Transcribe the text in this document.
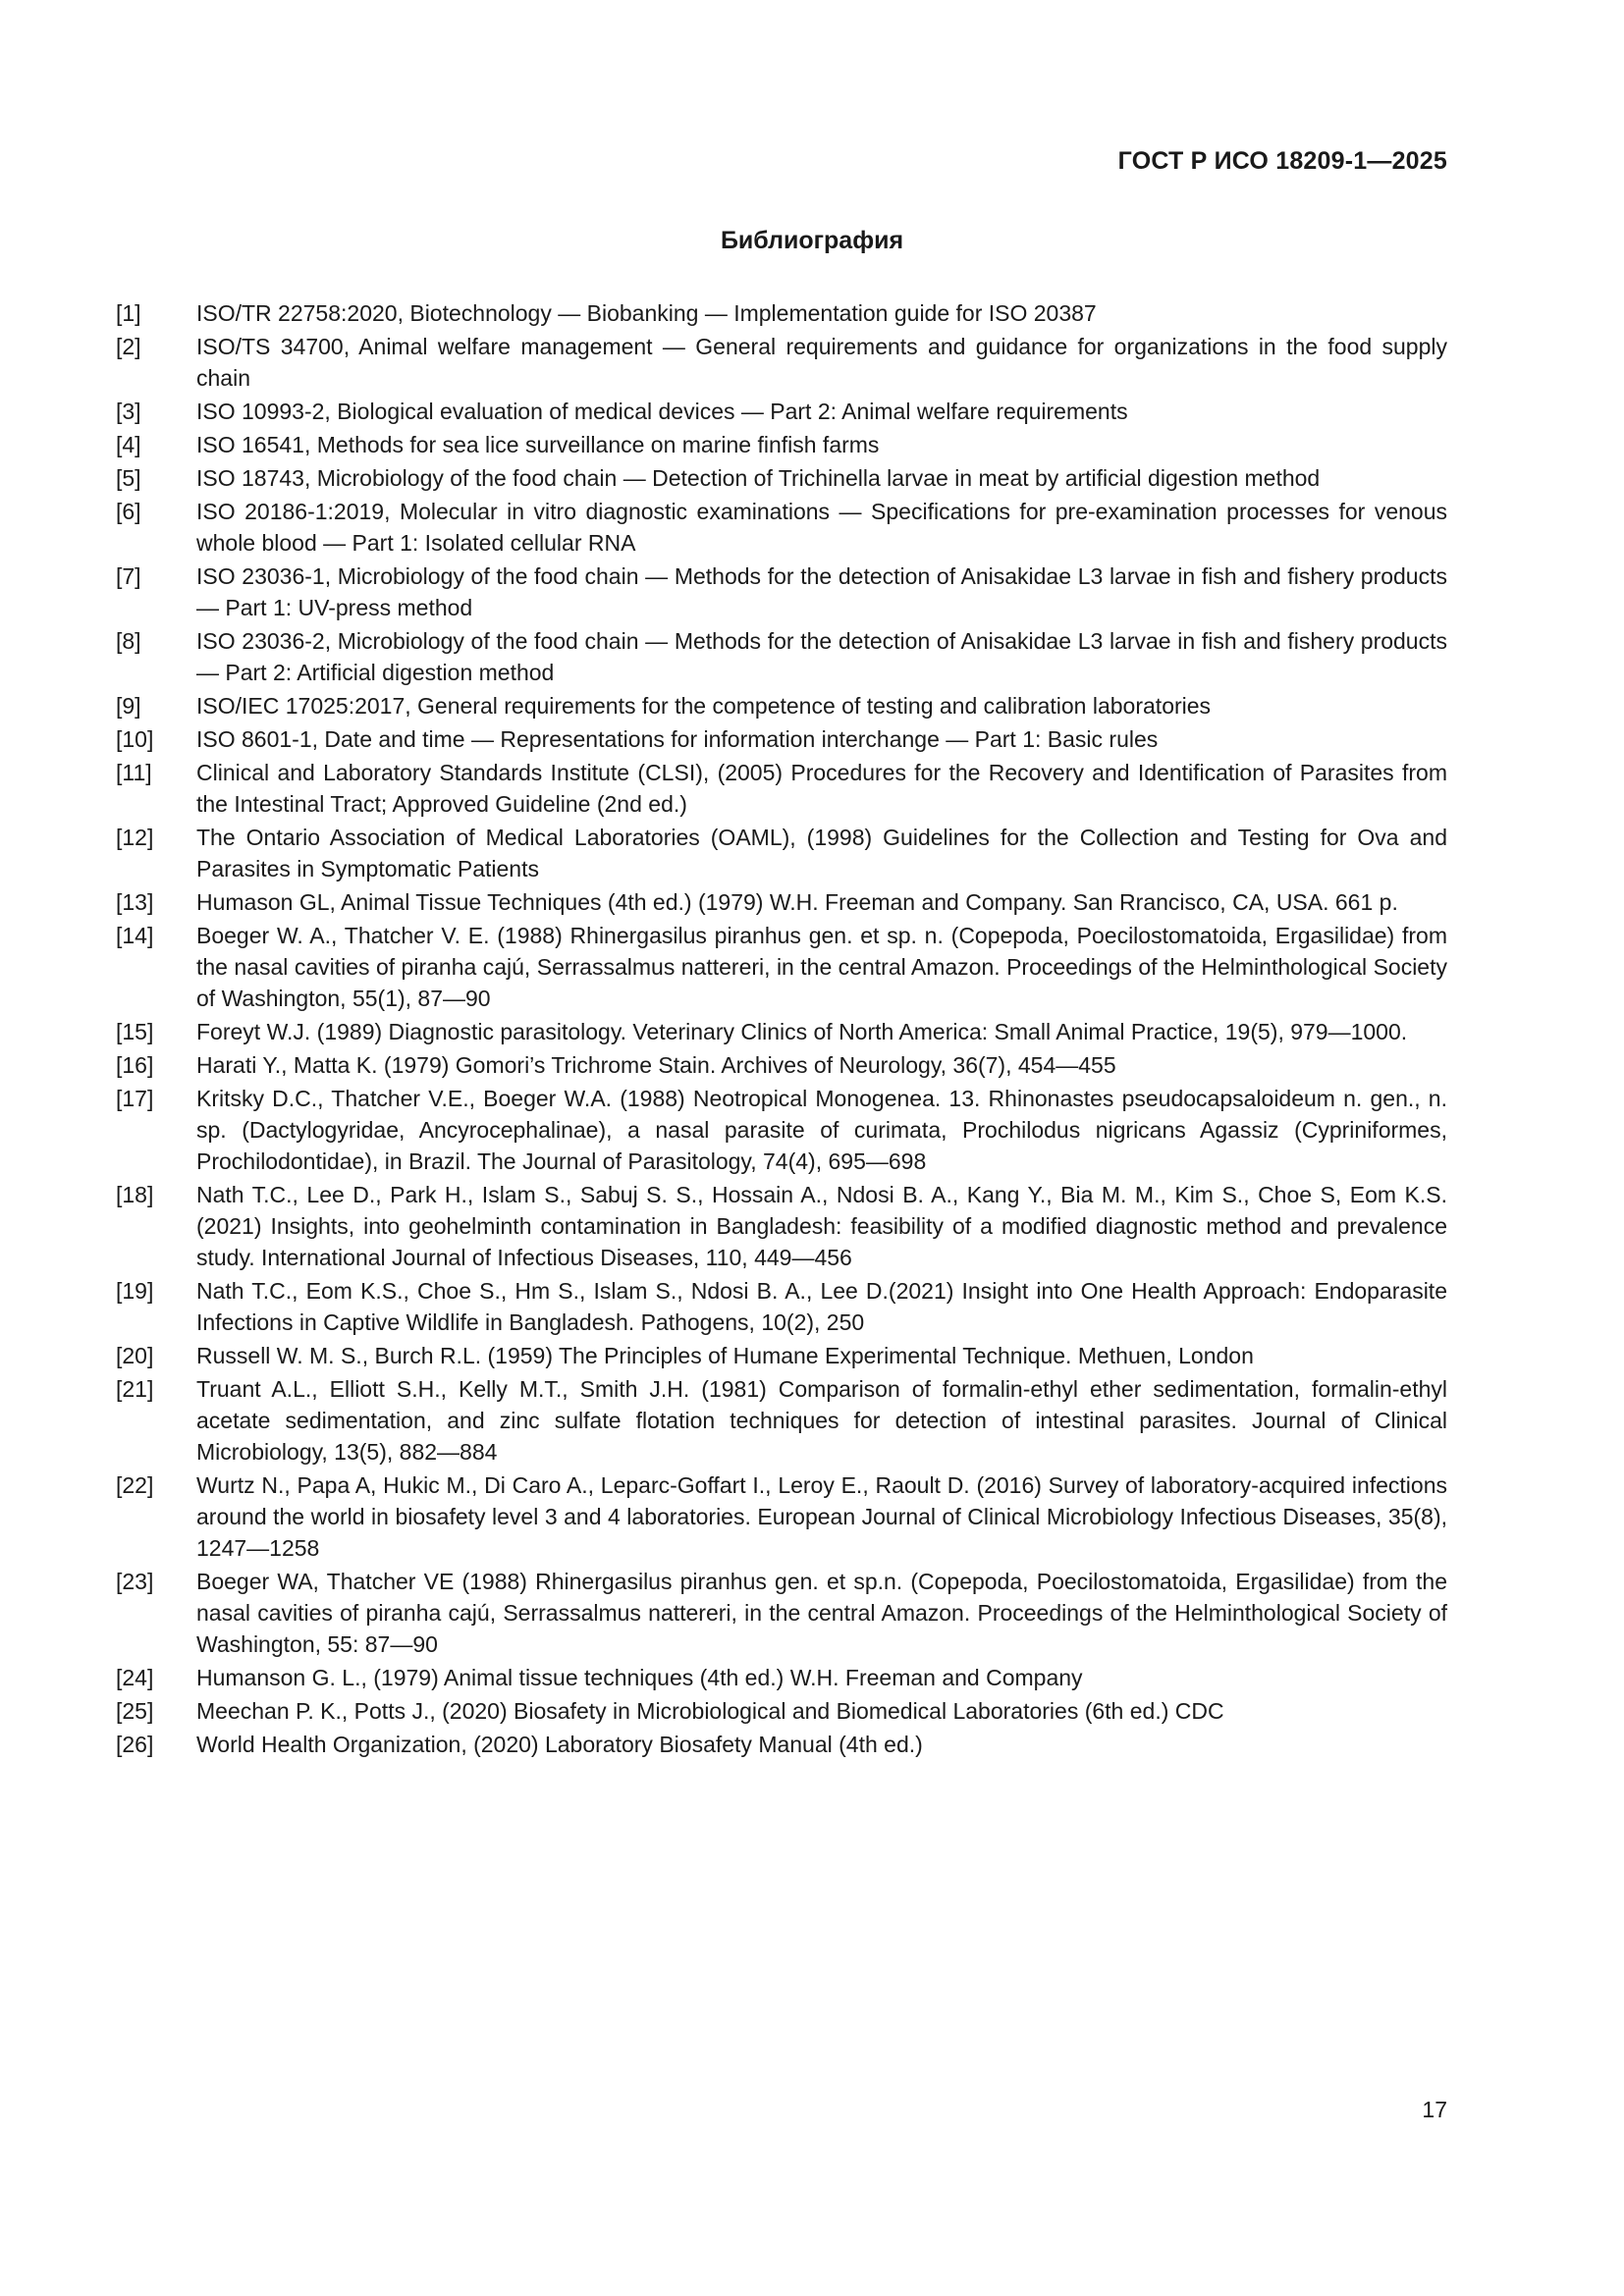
ГОСТ Р ИСО 18209-1—2025
Библиография
[1]	ISO/TR 22758:2020, Biotechnology — Biobanking — Implementation guide for ISO 20387
[2]	ISO/TS 34700, Animal welfare management — General requirements and guidance for organizations in the food supply chain
[3]	ISO 10993-2, Biological evaluation of medical devices — Part 2: Animal welfare requirements
[4]	ISO 16541, Methods for sea lice surveillance on marine finfish farms
[5]	ISO 18743, Microbiology of the food chain — Detection of Trichinella larvae in meat by artificial digestion method
[6]	ISO 20186-1:2019, Molecular in vitro diagnostic examinations — Specifications for pre-examination processes for venous whole blood — Part 1: Isolated cellular RNA
[7]	ISO 23036-1, Microbiology of the food chain — Methods for the detection of Anisakidae L3 larvae in fish and fishery products — Part 1: UV-press method
[8]	ISO 23036-2, Microbiology of the food chain — Methods for the detection of Anisakidae L3 larvae in fish and fishery products — Part 2: Artificial digestion method
[9]	ISO/IEC 17025:2017, General requirements for the competence of testing and calibration laboratories
[10]	ISO 8601-1, Date and time — Representations for information interchange — Part 1: Basic rules
[11]	Clinical and Laboratory Standards Institute (CLSI), (2005) Procedures for the Recovery and Identification of Parasites from the Intestinal Tract; Approved Guideline (2nd ed.)
[12]	The Ontario Association of Medical Laboratories (OAML), (1998) Guidelines for the Collection and Testing for Ova and Parasites in Symptomatic Patients
[13]	Humason GL, Animal Tissue Techniques (4th ed.) (1979) W.H. Freeman and Company. San Rrancisco, CA, USA. 661 p.
[14]	Boeger W. A., Thatcher V. E. (1988) Rhinergasilus piranhus gen. et sp. n. (Copepoda, Poecilostomatoida, Ergasilidae) from the nasal cavities of piranha cajú, Serrassalmus nattereri, in the central Amazon. Proceedings of the Helminthological Society of Washington, 55(1), 87—90
[15]	Foreyt W.J. (1989) Diagnostic parasitology. Veterinary Clinics of North America: Small Animal Practice, 19(5), 979—1000.
[16]	Harati Y., Matta K. (1979) Gomori’s Trichrome Stain. Archives of Neurology, 36(7), 454—455
[17]	Kritsky D.C., Thatcher V.E., Boeger W.A. (1988) Neotropical Monogenea. 13. Rhinonastes pseudocapsaloideum n. gen., n. sp. (Dactylogyridae, Ancyrocephalinae), a nasal parasite of curimata, Prochilodus nigricans Agassiz (Cypriniformes, Prochilodontidae), in Brazil. The Journal of Parasitology, 74(4), 695—698
[18]	Nath T.C., Lee D., Park H., Islam S., Sabuj S. S., Hossain A., Ndosi B. A., Kang Y., Bia M. M., Kim S., Choe S, Eom K.S. (2021) Insights, into geohelminth contamination in Bangladesh: feasibility of a modified diagnostic method and prevalence study. International Journal of Infectious Diseases, 110, 449—456
[19]	Nath T.C., Eom K.S., Choe S., Hm S., Islam S., Ndosi B. A., Lee D.(2021) Insight into One Health Approach: Endoparasite Infections in Captive Wildlife in Bangladesh. Pathogens, 10(2), 250
[20]	Russell W. M. S., Burch R.L. (1959) The Principles of Humane Experimental Technique. Methuen, London
[21]	Truant A.L., Elliott S.H., Kelly M.T., Smith J.H. (1981) Comparison of formalin-ethyl ether sedimentation, formalin-ethyl acetate sedimentation, and zinc sulfate flotation techniques for detection of intestinal parasites. Journal of Clinical Microbiology, 13(5), 882—884
[22]	Wurtz N., Papa A, Hukic M., Di Caro A., Leparc-Goffart I., Leroy E., Raoult D. (2016) Survey of laboratory-acquired infections around the world in biosafety level 3 and 4 laboratories. European Journal of Clinical Microbiology Infectious Diseases, 35(8), 1247—1258
[23]	Boeger WA, Thatcher VE (1988) Rhinergasilus piranhus gen. et sp.n. (Copepoda, Poecilostomatoida, Ergasilidae) from the nasal cavities of piranha cajú, Serrassalmus nattereri, in the central Amazon. Proceedings of the Helminthological Society of Washington, 55: 87—90
[24]	Humanson G. L., (1979) Animal tissue techniques (4th ed.) W.H. Freeman and Company
[25]	Meechan P. K., Potts J., (2020) Biosafety in Microbiological and Biomedical Laboratories (6th ed.) CDC
[26]	World Health Organization, (2020) Laboratory Biosafety Manual (4th ed.)
17
